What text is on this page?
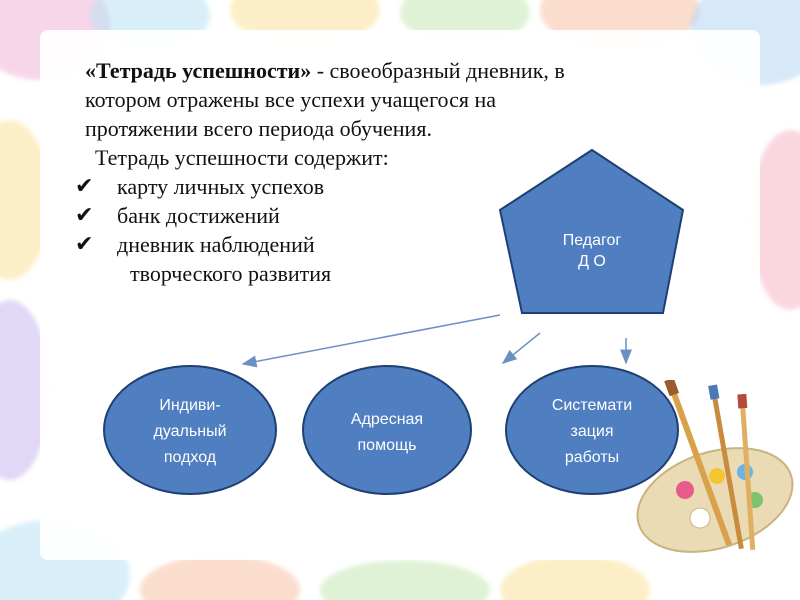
«Тетрадь успешности» - своеобразный дневник, в котором отражены все успехи учащегося на протяжении всего периода обучения.

Тетрадь успешности содержит:

✔ карту личных успехов
✔ банк достижений
✔ дневник наблюдений
творческого развития
Педагог
Д О
Индиви-
дуальный
подход
Адресная
помощь
Системати
зация
работы
